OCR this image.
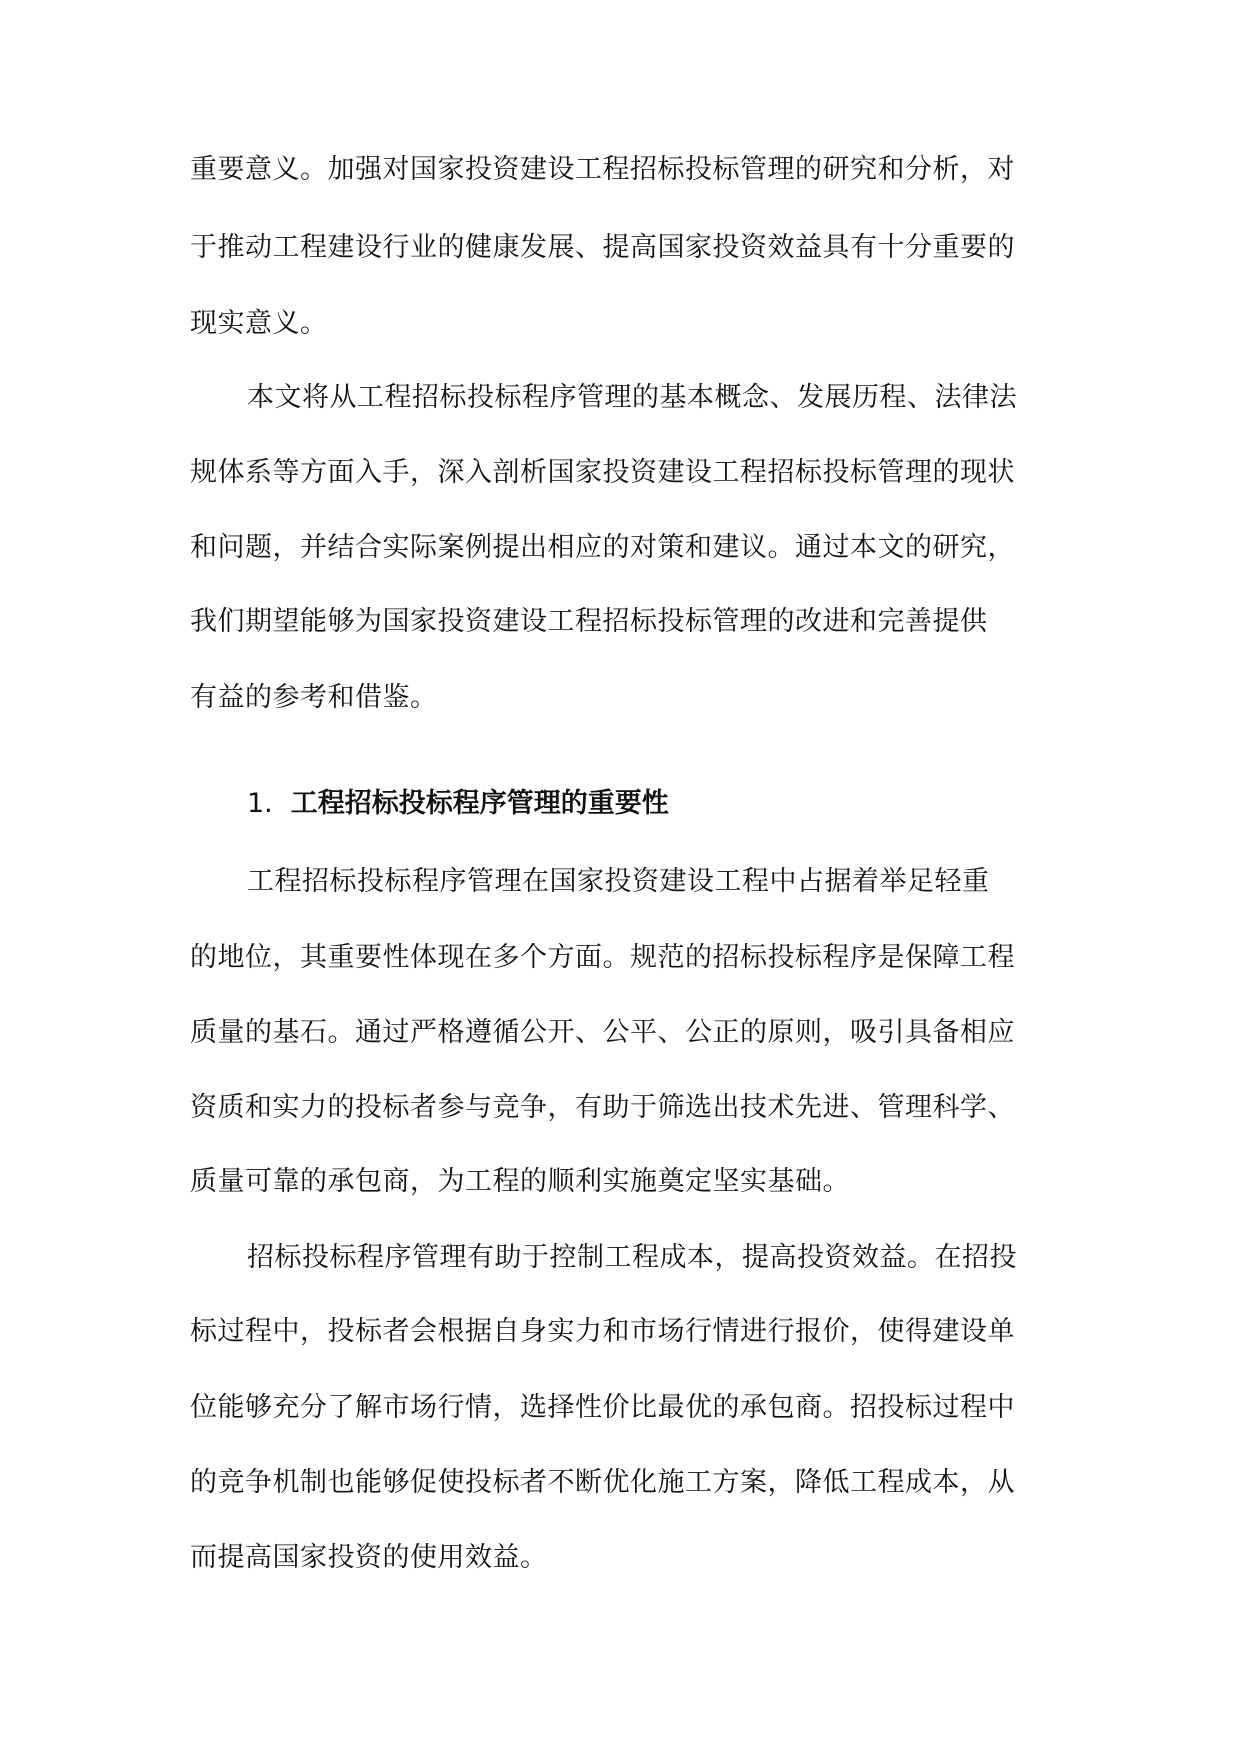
重要意义。加强对国家投资建设工程招标投标管理的研究和分析，对
于推动工程建设行业的健康发展、提高国家投资效益具有十分重要的
现实意义。
本文将从工程招标投标程序管理的基本概念、发展历程、法律法
规体系等方面入手，深入剖析国家投资建设工程招标投标管理的现状
和问题，并结合实际案例提出相应的对策和建议。通过本文的研究，
我们期望能够为国家投资建设工程招标投标管理的改进和完善提供
有益的参考和借鉴。
1. 工程招标投标程序管理的重要性
工程招标投标程序管理在国家投资建设工程中占据着举足轻重
的地位，其重要性体现在多个方面。规范的招标投标程序是保障工程
质量的基石。通过严格遵循公开、公平、公正的原则，吸引具备相应
资质和实力的投标者参与竞争，有助于筛选出技术先进、管理科学、
质量可靠的承包商，为工程的顺利实施奠定坚实基础。
招标投标程序管理有助于控制工程成本，提高投资效益。在招投
标过程中，投标者会根据自身实力和市场行情进行报价，使得建设单
位能够充分了解市场行情，选择性价比最优的承包商。招投标过程中
的竞争机制也能够促使投标者不断优化施工方案，降低工程成本，从
而提高国家投资的使用效益。
